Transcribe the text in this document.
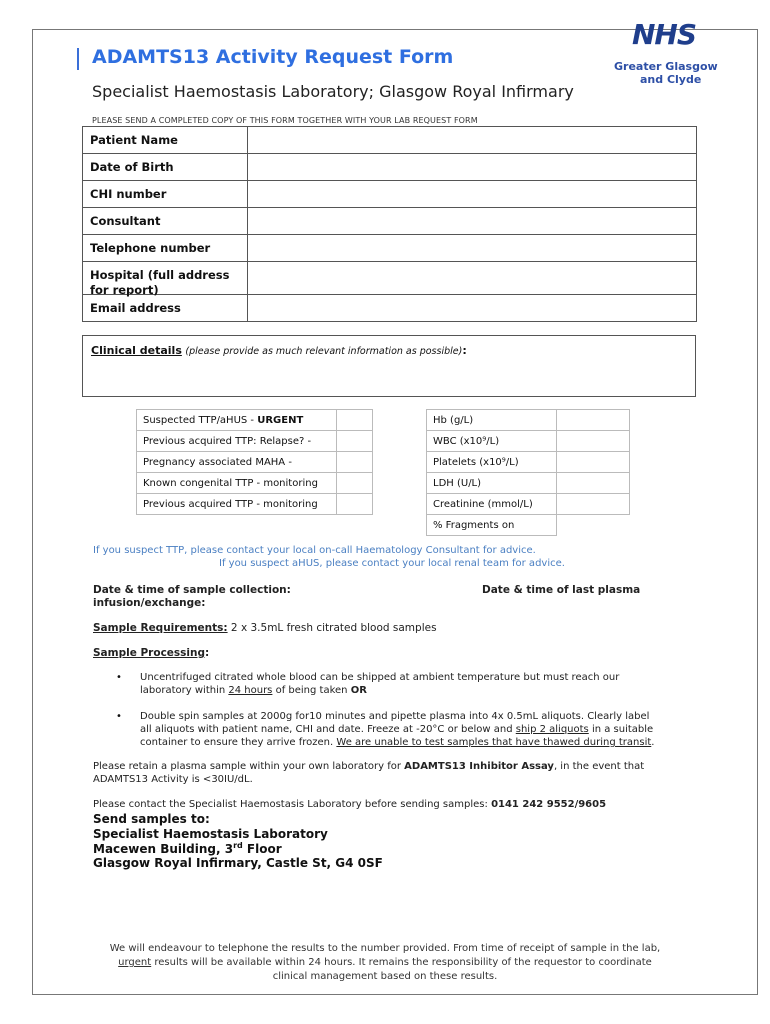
ADAMTS13 Activity Request Form
Specialist Haemostasis Laboratory; Glasgow Royal Infirmary
PLEASE SEND A COMPLETED COPY OF THIS FORM TOGETHER WITH YOUR LAB REQUEST FORM
NHS
Greater Glasgow
and Clyde
Patient Name	
Date of Birth	
CHI number	
Consultant	
Telephone number	

Hospital (full address for report)	

Email address	
Clinical details (please provide as much relevant information as possible):
Suspected TTP/aHUS - URGENT	
Previous acquired TTP: Relapse? -	
Pregnancy associated MAHA -	
Known congenital TTP - monitoring	
Previous acquired TTP - monitoring	
Hb (g/L)	
WBC (x10⁹/L)	
Platelets (x10⁹/L)	
LDH (U/L)	
Creatinine (mmol/L)	
% Fragments on	
If you suspect TTP, please contact your local on-call Haematology Consultant for advice.
If you suspect aHUS, please contact your local renal team for advice.
Date & time of sample collection:	Date & time of last plasma
infusion/exchange:
Sample Requirements: 2 x 3.5mL fresh citrated blood samples
Sample Processing:
• Uncentrifuged citrated whole blood can be shipped at ambient temperature but must reach our
laboratory within 24 hours of being taken OR
• Double spin samples at 2000g for10 minutes and pipette plasma into 4x 0.5mL aliquots. Clearly label
all aliquots with patient name, CHI and date. Freeze at -20°C or below and ship 2 aliquots in a suitable
container to ensure they arrive frozen. We are unable to test samples that have thawed during transit.
Please retain a plasma sample within your own laboratory for ADAMTS13 Inhibitor Assay, in the event that
ADAMTS13 Activity is <30IU/dL.
Please contact the Specialist Haemostasis Laboratory before sending samples: 0141 242 9552/9605
Send samples to:
Specialist Haemostasis Laboratory
Macewen Building, 3rd Floor
Glasgow Royal Infirmary, Castle St, G4 0SF
We will endeavour to telephone the results to the number provided. From time of receipt of sample in the lab,
urgent results will be available within 24 hours. It remains the responsibility of the requestor to coordinate
clinical management based on these results.
